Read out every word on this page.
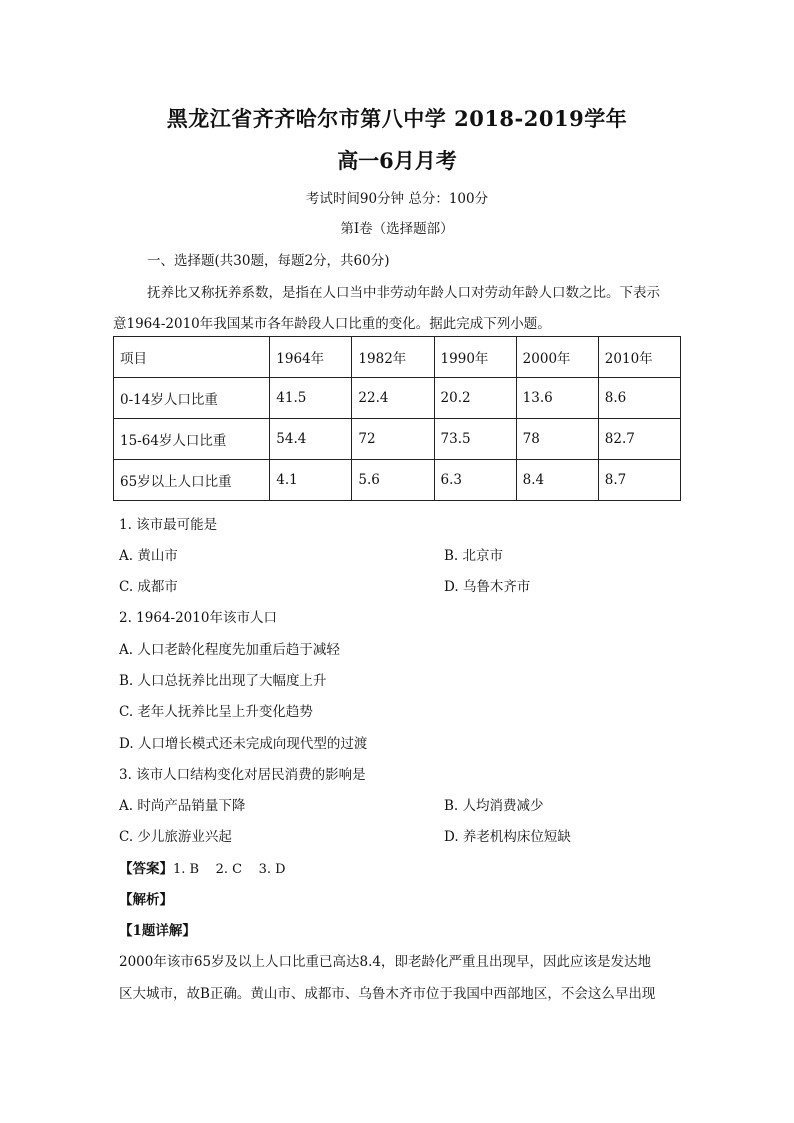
黑龙江省齐齐哈尔市第八中学 2018-2019学年
高一6月月考
考试时间90分钟 总分：100分
第Ⅰ卷（选择题部）
一、选择题(共30题，每题2分，共60分)
抚养比又称抚养系数，是指在人口当中非劳动年龄人口对劳动年龄人口数之比。下表示
意1964-2010年我国某市各年龄段人口比重的变化。据此完成下列小题。
项目	1964年	1982年	1990年	2000年	2010年
0-14岁人口比重	41.5	22.4	20.2	13.6	8.6
15-64岁人口比重	54.4	72	73.5	78	82.7
65岁以上人口比重	4.1	5.6	6.3	8.4	8.7
1. 该市最可能是
A. 黄山市	B. 北京市
C. 成都市	D. 乌鲁木齐市
2. 1964-2010年该市人口
A. 人口老龄化程度先加重后趋于减轻
B. 人口总抚养比出现了大幅度上升
C. 老年人抚养比呈上升变化趋势
D. 人口增长模式还未完成向现代型的过渡
3. 该市人口结构变化对居民消费的影响是
A. 时尚产品销量下降	B. 人均消费减少
C. 少儿旅游业兴起	D. 养老机构床位短缺
【答案】1. B    2. C    3. D
【解析】
【1题详解】
2000年该市65岁及以上人口比重已高达8.4，即老龄化严重且出现早，因此应该是发达地
区大城市，故B正确。黄山市、成都市、乌鲁木齐市位于我国中西部地区，不会这么早出现
